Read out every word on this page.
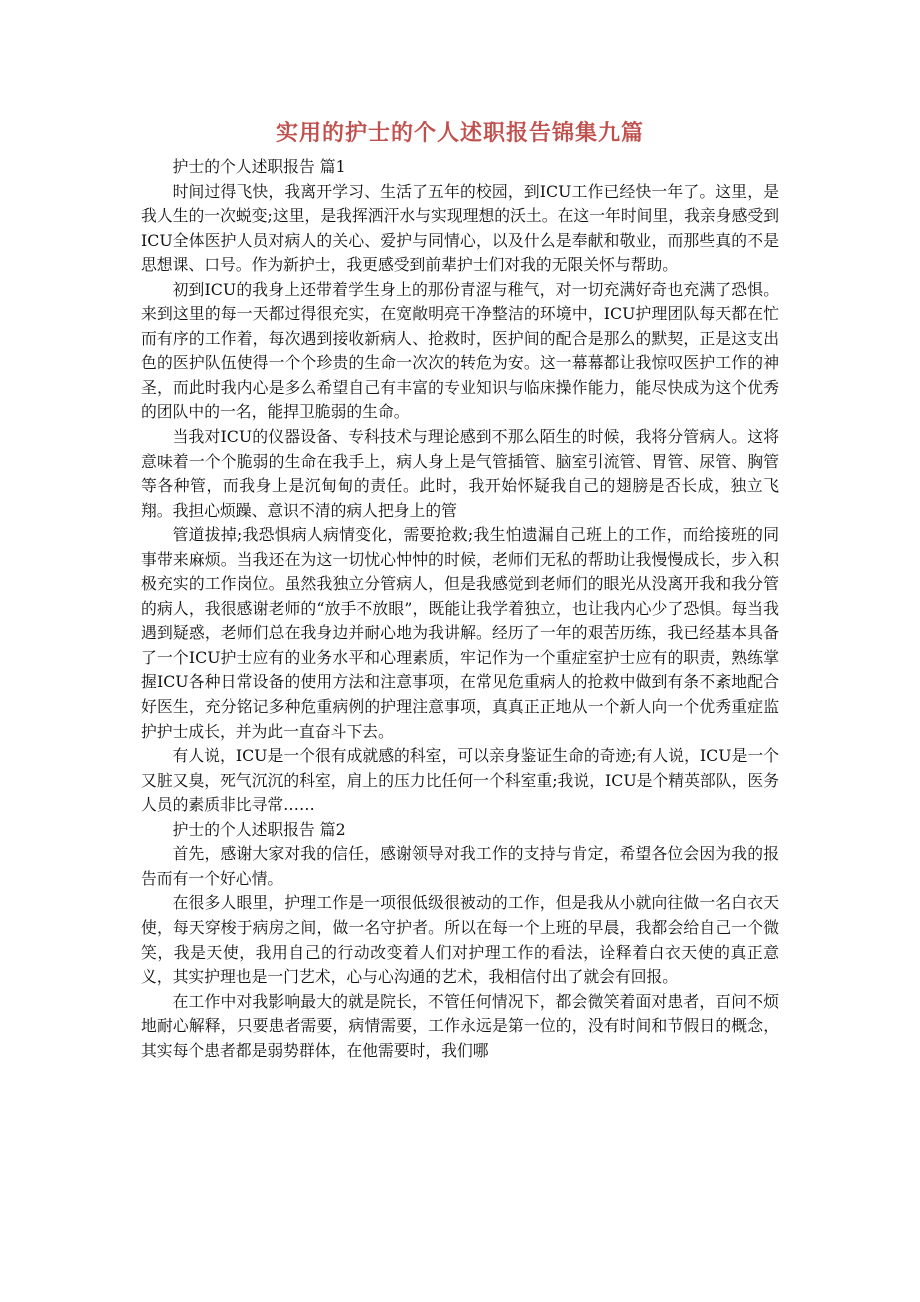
实用的护士的个人述职报告锦集九篇

护士的个人述职报告 篇1

时间过得飞快，我离开学习、生活了五年的校园，到ICU工作已经快一年了。这里，是我人生的一次蜕变;这里，是我挥洒汗水与实现理想的沃土。在这一年时间里，我亲身感受到ICU全体医护人员对病人的关心、爱护与同情心，以及什么是奉献和敬业，而那些真的不是思想课、口号。作为新护士，我更感受到前辈护士们对我的无限关怀与帮助。

初到ICU的我身上还带着学生身上的那份青涩与稚气，对一切充满好奇也充满了恐惧。来到这里的每一天都过得很充实，在宽敞明亮干净整洁的环境中，ICU护理团队每天都在忙而有序的工作着，每次遇到接收新病人、抢救时，医护间的配合是那么的默契，正是这支出色的医护队伍使得一个个珍贵的生命一次次的转危为安。这一幕幕都让我惊叹医护工作的神圣，而此时我内心是多么希望自己有丰富的专业知识与临床操作能力，能尽快成为这个优秀的团队中的一名，能捍卫脆弱的生命。

当我对ICU的仪器设备、专科技术与理论感到不那么陌生的时候，我将分管病人。这将意味着一个个脆弱的生命在我手上，病人身上是气管插管、脑室引流管、胃管、尿管、胸管等各种管，而我身上是沉甸甸的责任。此时，我开始怀疑我自己的翅膀是否长成，独立飞翔。我担心烦躁、意识不清的病人把身上的管

管道拔掉;我恐惧病人病情变化，需要抢救;我生怕遗漏自己班上的工作，而给接班的同事带来麻烦。当我还在为这一切忧心忡忡的时候，老师们无私的帮助让我慢慢成长，步入积极充实的工作岗位。虽然我独立分管病人，但是我感觉到老师们的眼光从没离开我和我分管的病人，我很感谢老师的“放手不放眼”，既能让我学着独立，也让我内心少了恐惧。每当我遇到疑惑，老师们总在我身边并耐心地为我讲解。经历了一年的艰苦历练，我已经基本具备了一个ICU护士应有的业务水平和心理素质，牢记作为一个重症室护士应有的职责，熟练掌握ICU各种日常设备的使用方法和注意事项，在常见危重病人的抢救中做到有条不紊地配合好医生，充分铭记多种危重病例的护理注意事项，真真正正地从一个新人向一个优秀重症监护护士成长，并为此一直奋斗下去。

有人说，ICU是一个很有成就感的科室，可以亲身鉴证生命的奇迹;有人说，ICU是一个又脏又臭，死气沉沉的科室，肩上的压力比任何一个科室重;我说，ICU是个精英部队，医务人员的素质非比寻常……

护士的个人述职报告 篇2

首先，感谢大家对我的信任，感谢领导对我工作的支持与肯定，希望各位会因为我的报告而有一个好心情。

在很多人眼里，护理工作是一项很低级很被动的工作，但是我从小就向往做一名白衣天使，每天穿梭于病房之间，做一名守护者。所以在每一个上班的早晨，我都会给自己一个微笑，我是天使，我用自己的行动改变着人们对护理工作的看法，诠释着白衣天使的真正意义，其实护理也是一门艺术，心与心沟通的艺术，我相信付出了就会有回报。

在工作中对我影响最大的就是院长，不管任何情况下，都会微笑着面对患者，百问不烦地耐心解释，只要患者需要，病情需要，工作永远是第一位的，没有时间和节假日的概念，其实每个患者都是弱势群体，在他需要时，我们哪
